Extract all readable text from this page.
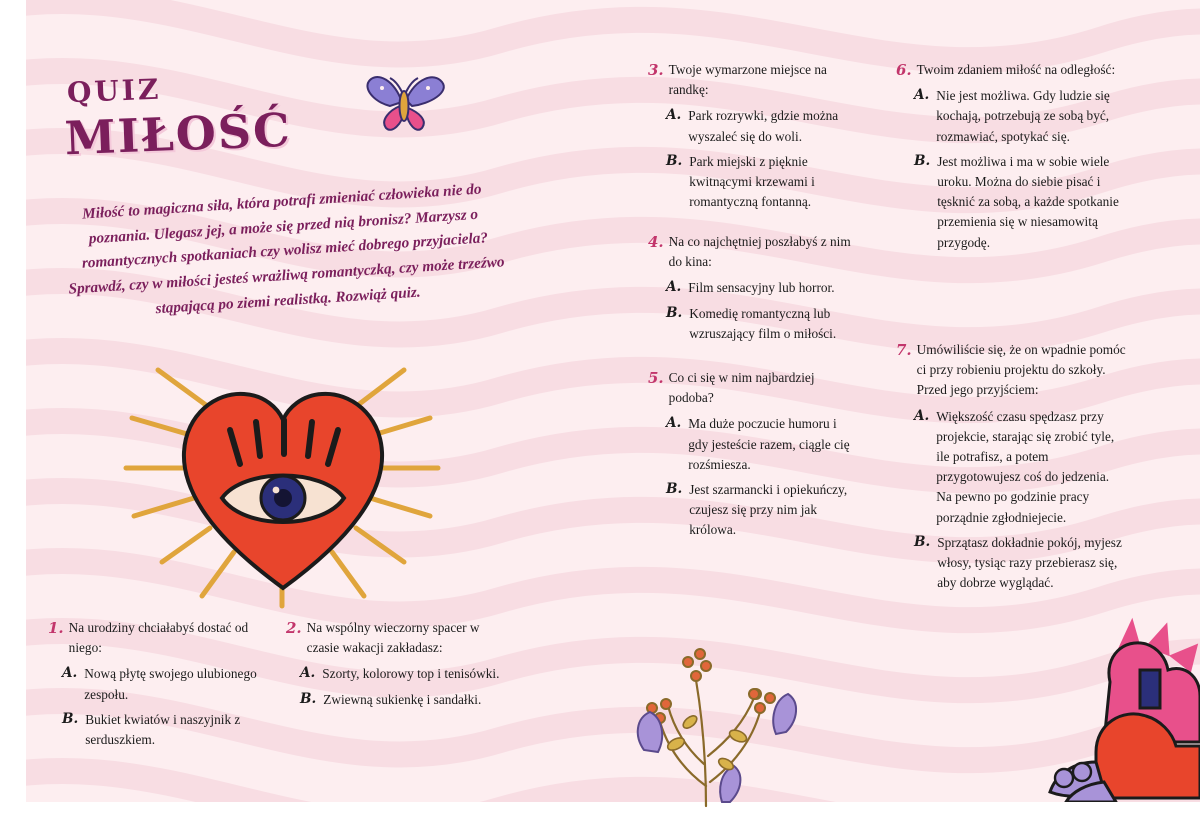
QUIZ
MIŁOŚĆ
Miłość to magiczna siła, która potrafi zmieniać człowieka nie do poznania. Ulegasz jej, a może się przed nią bronisz? Marzysz o romantycznych spotkaniach czy wolisz mieć dobrego przyjaciela? Sprawdź, czy w miłości jesteś wrażliwą romantyczką, czy może trzeźwo stąpającą po ziemi realistką. Rozwiąż quiz.
1. Na urodziny chciałabyś dostać od niego:
A. Nową płytę swojego ulubionego zespołu.
B. Bukiet kwiatów i naszyjnik z serduszkiem.
2. Na wspólny wieczorny spacer w czasie wakacji zakładasz:
A. Szorty, kolorowy top i tenisówki.
B. Zwiewną sukienkę i sandałki.
3. Twoje wymarzone miejsce na randkę:
A. Park rozrywki, gdzie można wyszaleć się do woli.
B. Park miejski z pięknie kwitnącymi krzewami i romantyczną fontanną.
4. Na co najchętniej poszłabyś z nim do kina:
A. Film sensacyjny lub horror.
B. Komedię romantyczną lub wzruszający film o miłości.
5. Co ci się w nim najbardziej podoba?
A. Ma duże poczucie humoru i gdy jesteście razem, ciągle cię rozśmiesza.
B. Jest szarmancki i opiekuńczy, czujesz się przy nim jak królowa.
6. Twoim zdaniem miłość na odległość:
A. Nie jest możliwa. Gdy ludzie się kochają, potrzebują ze sobą być, rozmawiać, spotykać się.
B. Jest możliwa i ma w sobie wiele uroku. Można do siebie pisać i tęsknić za sobą, a każde spotkanie przemienia się w niesamowitą przygodę.
7. Umówiliście się, że on wpadnie pomóc ci przy robieniu projektu do szkoły. Przed jego przyjściem:
A. Większość czasu spędzasz przy projekcie, starając się zrobić tyle, ile potrafisz, a potem przygotowujesz coś do jedzenia. Na pewno po godzinie pracy porządnie zgłodniejecie.
B. Sprzątasz dokładnie pokój, myjesz włosy, tysiąc razy przebierasz się, aby dobrze wyglądać.
